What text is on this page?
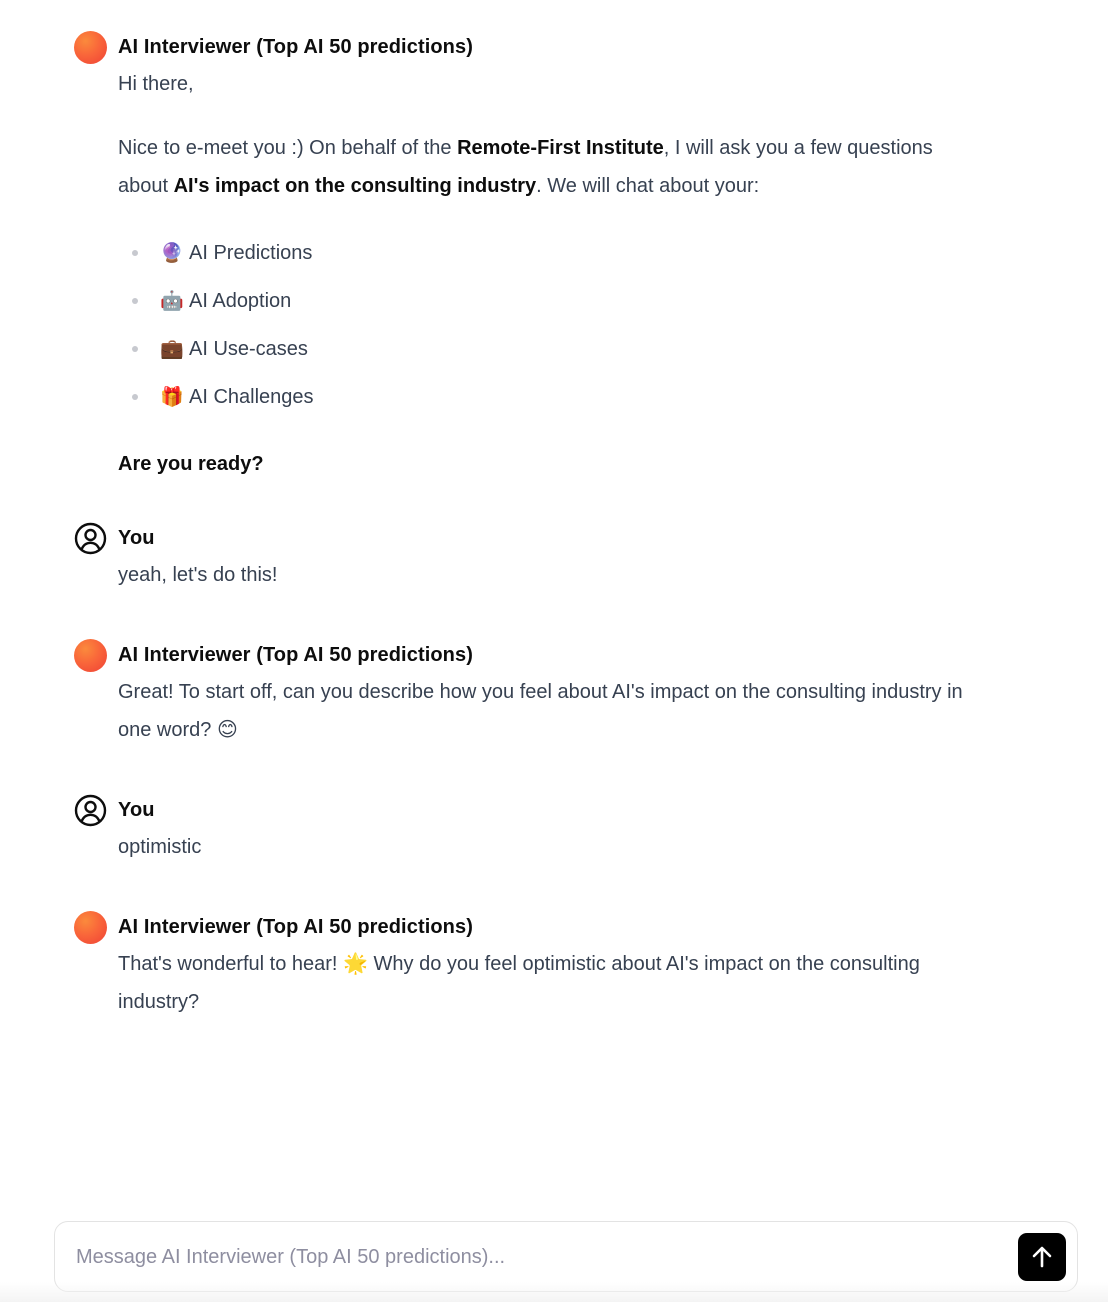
AI Interviewer (Top AI 50 predictions)

Hi there,

Nice to e-meet you :) On behalf of the Remote-First Institute, I will ask you a few questions about AI's impact on the consulting industry. We will chat about your:

🔮 AI Predictions
🤖 AI Adoption
💼 AI Use-cases
🎁 AI Challenges

Are you ready?

You

yeah, let's do this!

AI Interviewer (Top AI 50 predictions)

Great! To start off, can you describe how you feel about AI's impact on the consulting industry in one word? 😊

You

optimistic

AI Interviewer (Top AI 50 predictions)

That's wonderful to hear! 🌟 Why do you feel optimistic about AI's impact on the consulting industry?

Message AI Interviewer (Top AI 50 predictions)...
